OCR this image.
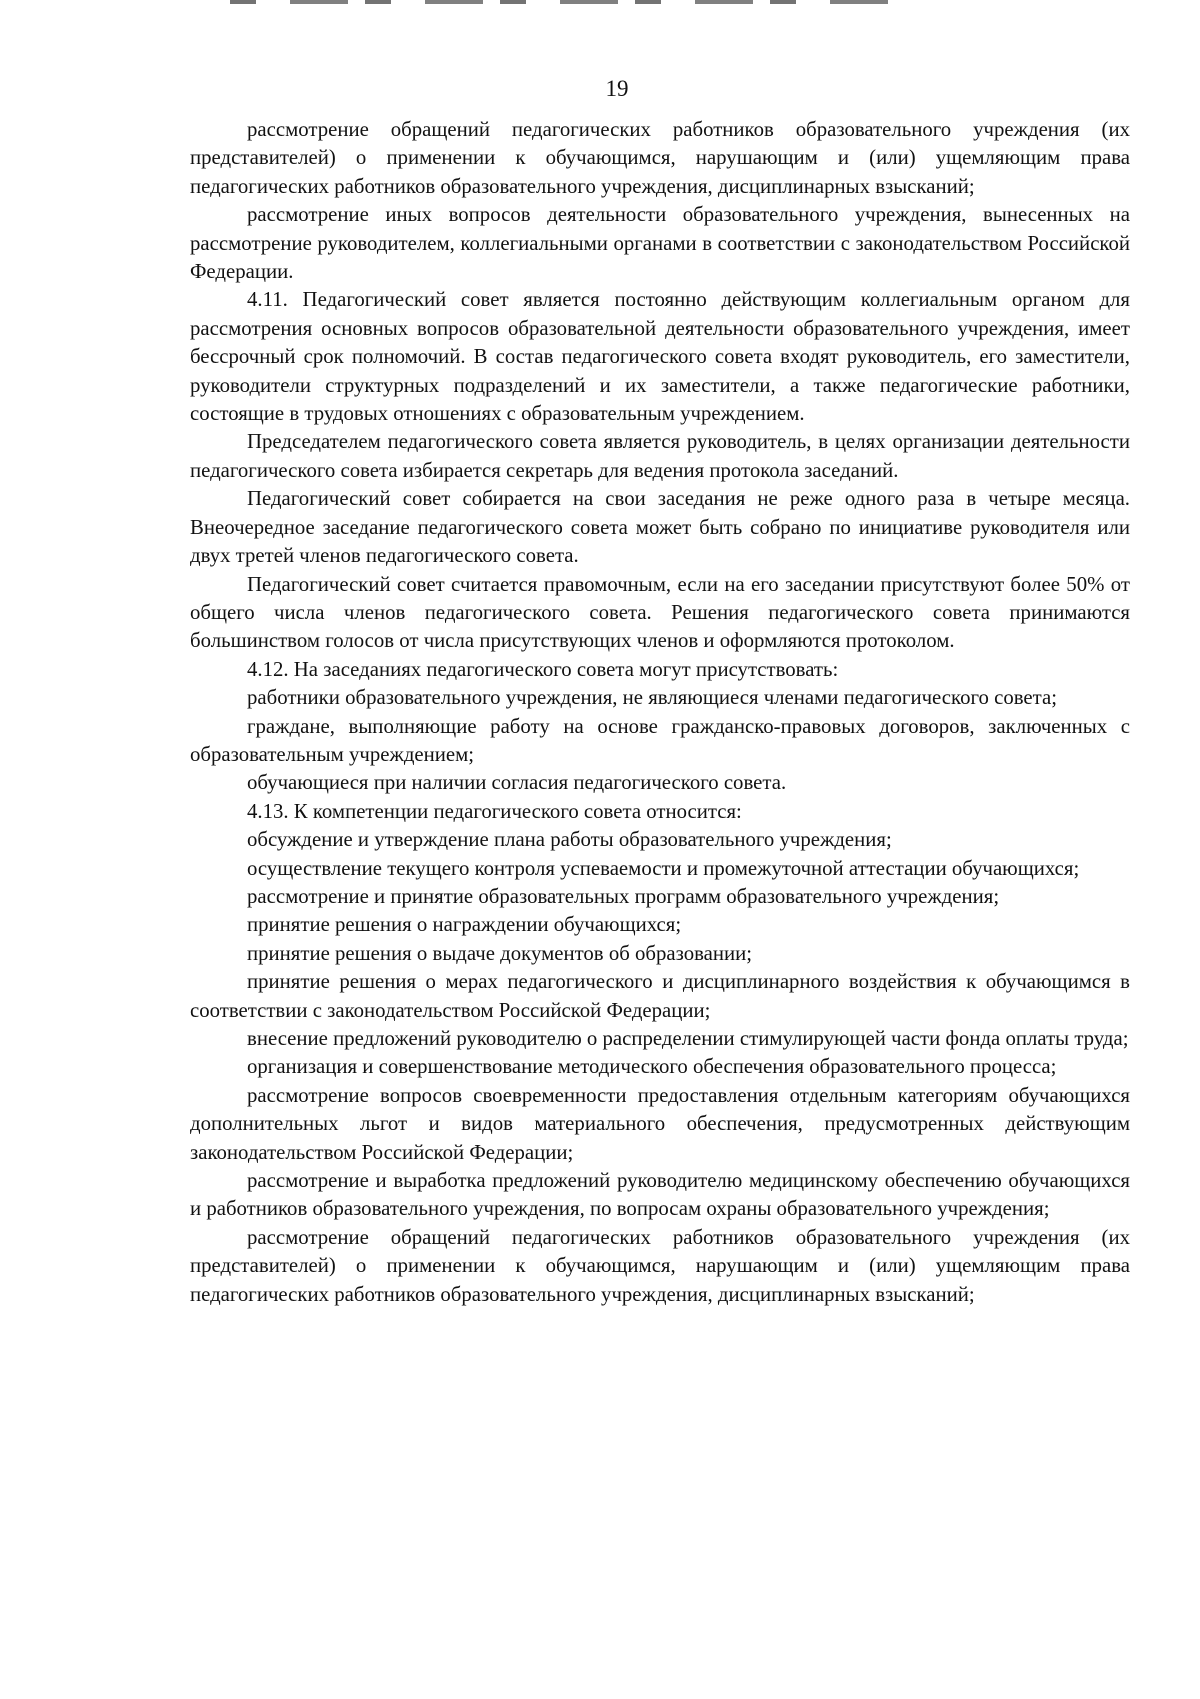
19

рассмотрение обращений педагогических работников образовательного учреждения (их представителей) о применении к обучающимся, нарушающим и (или) ущемляющим права педагогических работников образовательного учреждения, дисциплинарных взысканий;

рассмотрение иных вопросов деятельности образовательного учреждения, вынесенных на рассмотрение руководителем, коллегиальными органами в соответствии с законодательством Российской Федерации.

4.11. Педагогический совет является постоянно действующим коллегиальным органом для рассмотрения основных вопросов образовательной деятельности образовательного учреждения, имеет бессрочный срок полномочий. В состав педагогического совета входят руководитель, его заместители, руководители структурных подразделений и их заместители, а также педагогические работники, состоящие в трудовых отношениях с образовательным учреждением.

Председателем педагогического совета является руководитель, в целях организации деятельности педагогического совета избирается секретарь для ведения протокола заседаний.

Педагогический совет собирается на свои заседания не реже одного раза в четыре месяца. Внеочередное заседание педагогического совета может быть собрано по инициативе руководителя или двух третей членов педагогического совета.

Педагогический совет считается правомочным, если на его заседании присутствуют более 50% от общего числа членов педагогического совета. Решения педагогического совета принимаются большинством голосов от числа присутствующих членов и оформляются протоколом.

4.12. На заседаниях педагогического совета могут присутствовать:

работники образовательного учреждения, не являющиеся членами педагогического совета;

граждане, выполняющие работу на основе гражданско-правовых договоров, заключенных с образовательным учреждением;

обучающиеся при наличии согласия педагогического совета.

4.13. К компетенции педагогического совета относится:

обсуждение и утверждение плана работы образовательного учреждения;

осуществление текущего контроля успеваемости и промежуточной аттестации обучающихся;

рассмотрение и принятие образовательных программ образовательного учреждения;

принятие решения о награждении обучающихся;

принятие решения о выдаче документов об образовании;

принятие решения о мерах педагогического и дисциплинарного воздействия к обучающимся в соответствии с законодательством Российской Федерации;

внесение предложений руководителю о распределении стимулирующей части фонда оплаты труда;

организация и совершенствование методического обеспечения образовательного процесса;

рассмотрение вопросов своевременности предоставления отдельным категориям обучающихся дополнительных льгот и видов материального обеспечения, предусмотренных действующим законодательством Российской Федерации;

рассмотрение и выработка предложений руководителю медицинскому обеспечению обучающихся и работников образовательного учреждения, по вопросам охраны образовательного учреждения;

рассмотрение обращений педагогических работников образовательного учреждения (их представителей) о применении к обучающимся, нарушающим и (или) ущемляющим права педагогических работников образовательного учреждения, дисциплинарных взысканий;
